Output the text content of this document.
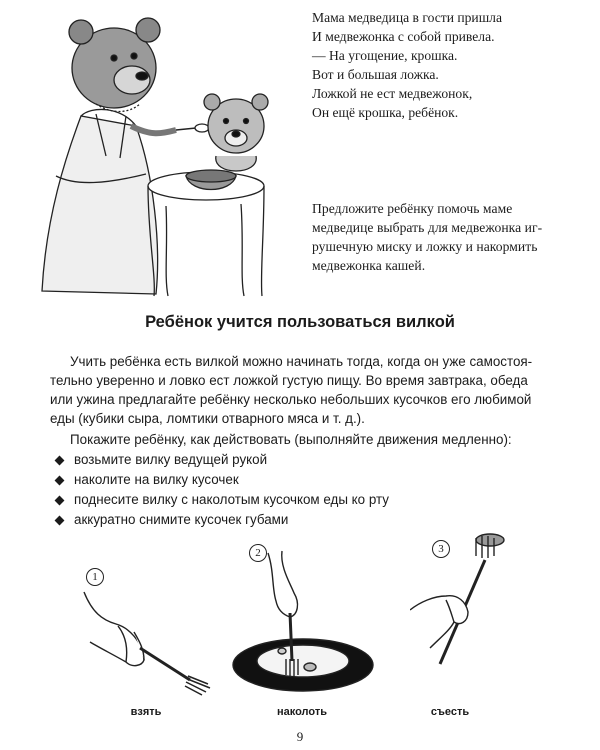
Мама медведица в гости пришла
И медвежонка с собой привела.
— На угощение, крошка.
Вот и большая ложка.
Ложкой не ест медвежонок,
Он ещё крошка, ребёнок.
Предложите ребёнку помочь маме
медведице выбрать для медвежонка иг-
рушечную миску и ложку и накормить
медвежонка кашей.
Ребёнок учится пользоваться вилкой
Учить ребёнка есть вилкой можно начинать тогда, когда он уже самостоя-
тельно уверенно и ловко ест ложкой густую пищу. Во время завтрака, обеда
или ужина предлагайте ребёнку несколько небольших кусочков его любимой
еды (кубики сыра, ломтики отварного мяса и т. д.).
Покажите ребёнку, как действовать (выполняйте движения медленно):
возьмите вилку ведущей рукой
наколите на вилку кусочек
поднесите вилку с наколотым кусочком еды ко рту
аккуратно снимите кусочек губами
1
взять
2
наколоть
3
съесть
9
